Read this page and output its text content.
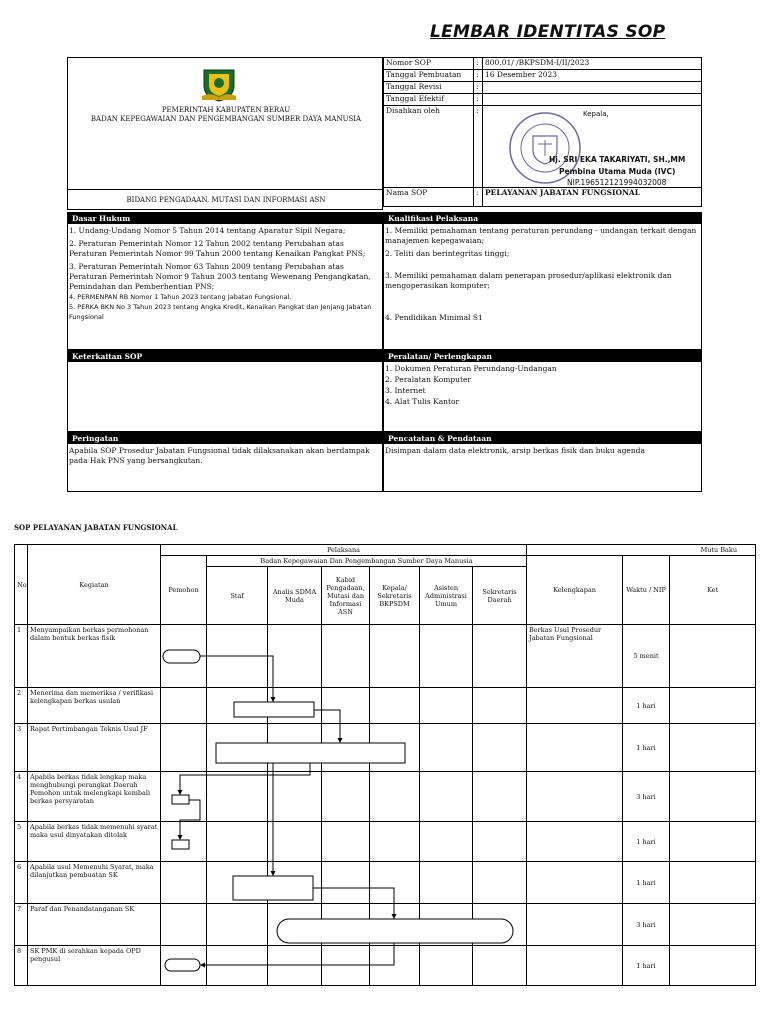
LEMBAR IDENTITAS SOP
PEMERINTAH KABUPATEN BERAU
BADAN KEPEGAWAIAN DAN PENGEMBANGAN SUMBER DAYA MANUSIA
BIDANG PENGADAAN, MUTASI DAN INFORMASI ASN
Nomor SOP	:	800.01/ /BKPSDM-I/II/2023
Tanggal Pembuatan	:	16 Desember 2023
Tanggal Revisi	:	
Tanggal Efektif	:	
Disahkan oleh	:	Kepala,
Hj. SRI EKA TAKARIYATI, SH.,MM
Pembina Utama Muda (IVC)
NIP.196512121994032008

Nama SOP	:	PELAYANAN JABATAN FUNGSIONAL
Dasar Hukum
1. Undang-Undang Nomor 5 Tahun 2014 tentang Aparatur Sipil Negara;
2. Peraturan Pemerintah Nomor 12 Tahun 2002 tentang Perubahan atas Peraturan Pemerintah Nomor 99 Tahun 2000 tentang Kenaikan Pangkat PNS;
3. Peraturan Pemerintah Nomor 63 Tahun 2009 tentang Perubahan atas Peraturan Pemerintah Nomor 9 Tahun 2003 tentang Wewenang Pengangkatan, Pemindahan dan Pemberhentian PNS;
4. PERMENPAN RB Nomor 1 Tahun 2023 tentang Jabatan Fungsional.
5. PERKA BKN No 3 Tahun 2023 tentang Angka Kredit, Kenaikan Pangkat dan Jenjang Jabatan Fungsional
Kualifikasi Pelaksana
1. Memiliki pemahaman tentang peraturan perundang - undangan terkait dengan manajemen kepegawaian;
2. Teliti dan berintegritas tinggi;
3. Memiliki pemahaman dalam penerapan prosedur/aplikasi elektronik dan mengoperasikan komputer;
4. Pendidikan Minimal S1
Keterkaitan SOP	Peralatan/ Perlengkapan
1. Dokumen Peraturan Perundang-Undangan
2. Peralatan Komputer
3. Internet
4. Alat Tulis Kantor
Peringatan
Apabila SOP Prosedur Jabatan Fungsional tidak dilaksanakan akan berdampak pada Hak PNS yang bersangkutan.
Pencatatan & Pendataan
Disimpan dalam data elektronik, arsip berkas fisik dan buku agenda
SOP PELAYANAN JABATAN FUNGSIONAL
No	Kegiatan	Pelaksana							Mutu Baku		
		Pemohon	Badan Kepegawaian Dan Pengembangan Sumber Daya Manusia						Kelengkapan	Waktu / NIP	Ket
			Staf	Analis SDMA Muda	Kabid Pengadaan, Mutasi dan Informasi ASN	Kepala/ Sekretaris BKPSDM	Asisten Administrasi Umum	Sekretaris Daerah			
1	Menyampaikan berkas permohonan dalam bentuk berkas fisik								Berkas Usul Prosedur Jabatan Fungsional	5 menit	
2	Menerima dan memeriksa / verifikasi kelengkapan berkas usulan									1 hari	
3	Rapat Pertimbangan Teknis Usul JF									1 hari	
4	Apabila berkas tidak lengkap maka menghubungi perangkat Daerah Pemohon untuk melengkapi kembali berkas persyaratan									3 hari	
5	Apabila berkas tidak memenuhi syarat maka usul dinyatakan ditolak									1 hari	
6	Apabila usul Memenuhi Syarat, maka dilanjutkan pembuatan SK									1 hari	
7	Paraf dan Penandatanganan SK									3 hari	
8	SK PMK di serahkan kepada OPD pengusul									1 hari	
